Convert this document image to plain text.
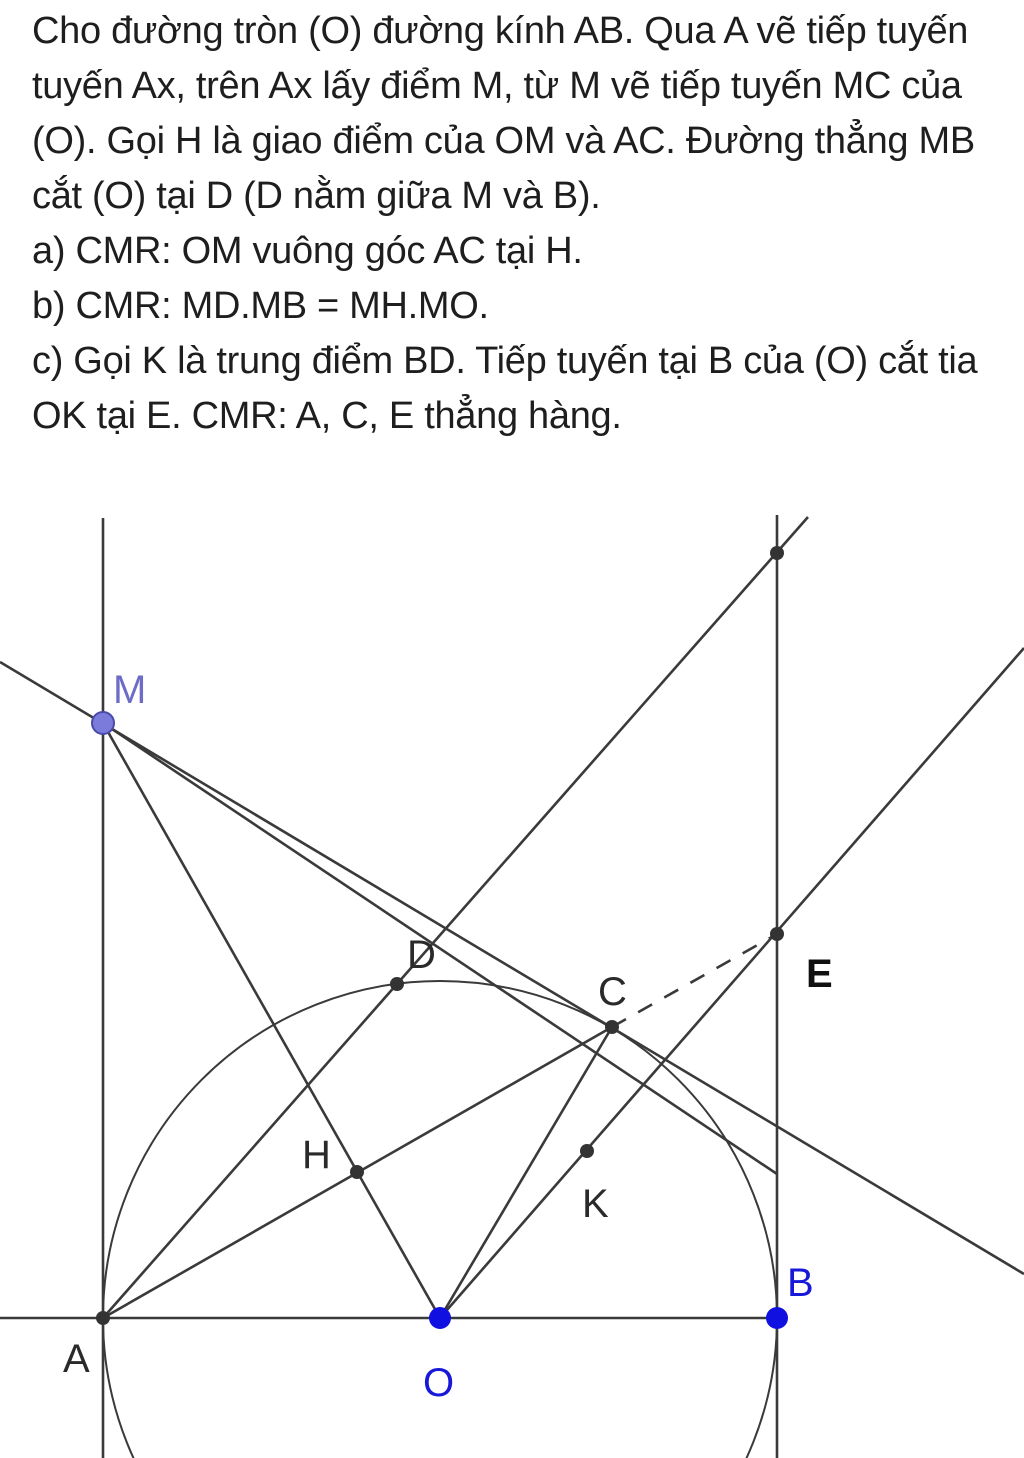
Cho đường tròn (O) đường kính AB. Qua A vẽ tiếp tuyến tuyến Ax, trên Ax lấy điểm M, từ M vẽ tiếp tuyến MC của (O). Gọi H là giao điểm của OM và AC. Đường thẳng MB cắt (O) tại D (D nằm giữa M và B).

a) CMR: OM vuông góc AC tại H.

b) CMR: MD.MB = MH.MO.

c) Gọi K là trung điểm BD. Tiếp tuyến tại B của (O) cắt tia OK tại E. CMR: A, C, E thẳng hàng.

M
D
C	E
H
K
B
A
O
